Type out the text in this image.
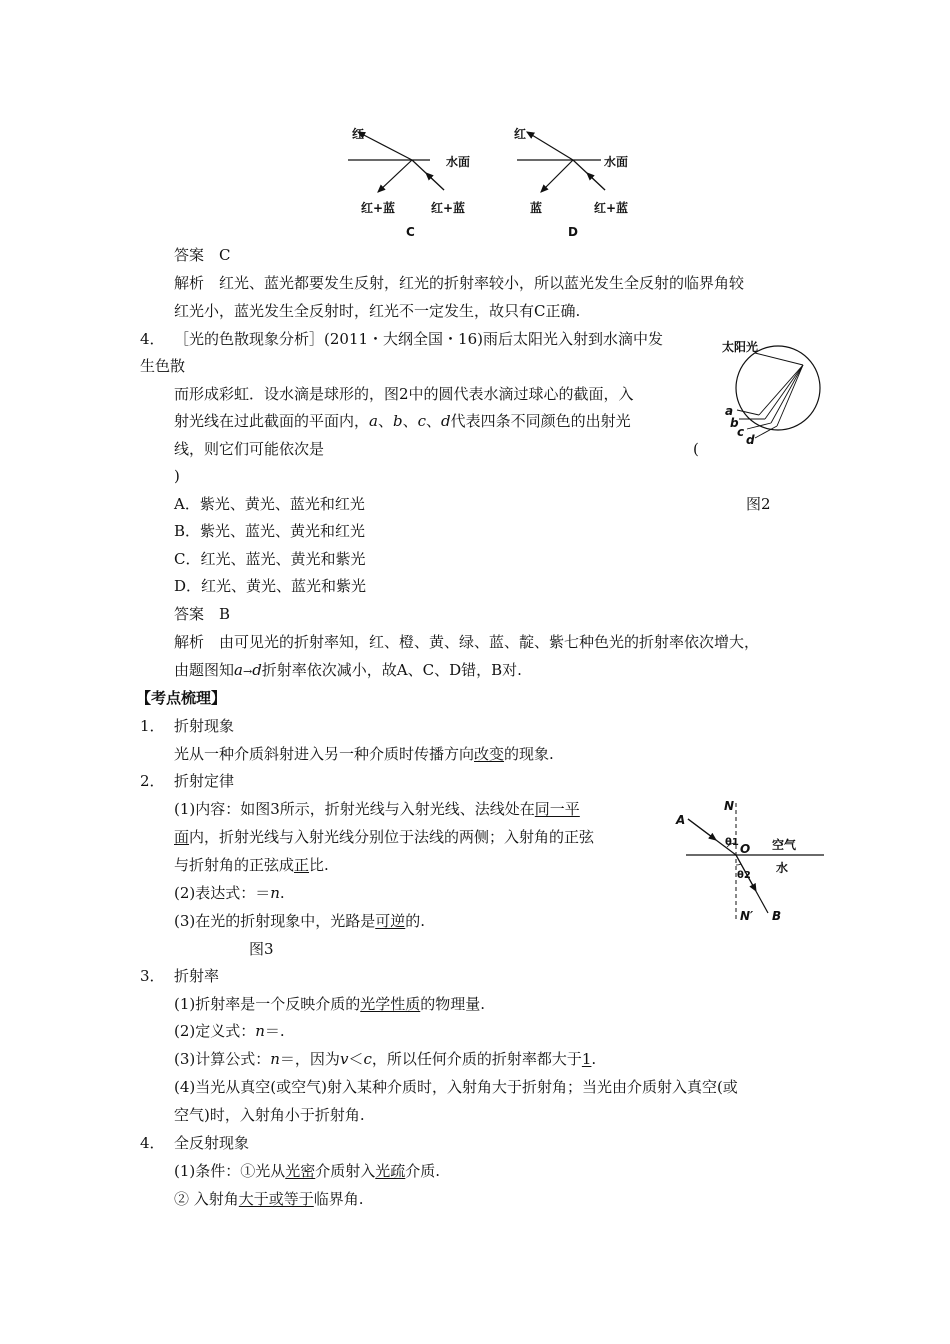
红
水面
红+蓝	红+蓝
C
红
水面
蓝	红+蓝
D
答案　C
解析　红光、蓝光都要发生反射，红光的折射率较小，所以蓝光发生全反射的临界角较
红光小，蓝光发生全反射时，红光不一定发生，故只有C正确.
4． ［光的色散现象分析］(2011・大纲全国・16)雨后太阳光入射到水滴中发
生色散
而形成彩虹．设水滴是球形的，图2中的圆代表水滴过球心的截面，入
射光线在过此截面的平面内，a、b、c、d代表四条不同颜色的出射光
线，则它们可能依次是	(
)
A．紫光、黄光、蓝光和红光
B．紫光、蓝光、黄光和红光
C．红光、蓝光、黄光和紫光
D．红光、黄光、蓝光和紫光
图2
太阳光
a
b
c
d
答案　B
解析　由可见光的折射率知，红、橙、黄、绿、蓝、靛、紫七种色光的折射率依次增大，
由题图知a→d折射率依次减小，故A、C、D错，B对.
【考点梳理】
1． 折射现象
光从一种介质斜射进入另一种介质时传播方向改变的现象.
2． 折射定律
(1)内容：如图3所示，折射光线与入射光线、法线处在同一平
面内，折射光线与入射光线分别位于法线的两侧；入射角的正弦
与折射角的正弦成正比.
(2)表达式：＝n.
(3)在光的折射现象中，光路是可逆的.
图3
N
A
θ1 O 空气
水
θ2
N′ B
3． 折射率
(1)折射率是一个反映介质的光学性质的物理量.
(2)定义式：n＝.
(3)计算公式：n＝，因为v＜c，所以任何介质的折射率都大于1.
(4)当光从真空(或空气)射入某种介质时，入射角大于折射角；当光由介质射入真空(或
空气)时，入射角小于折射角.
4． 全反射现象
(1)条件：①光从光密介质射入光疏介质.
② 入射角大于或等于临界角.
